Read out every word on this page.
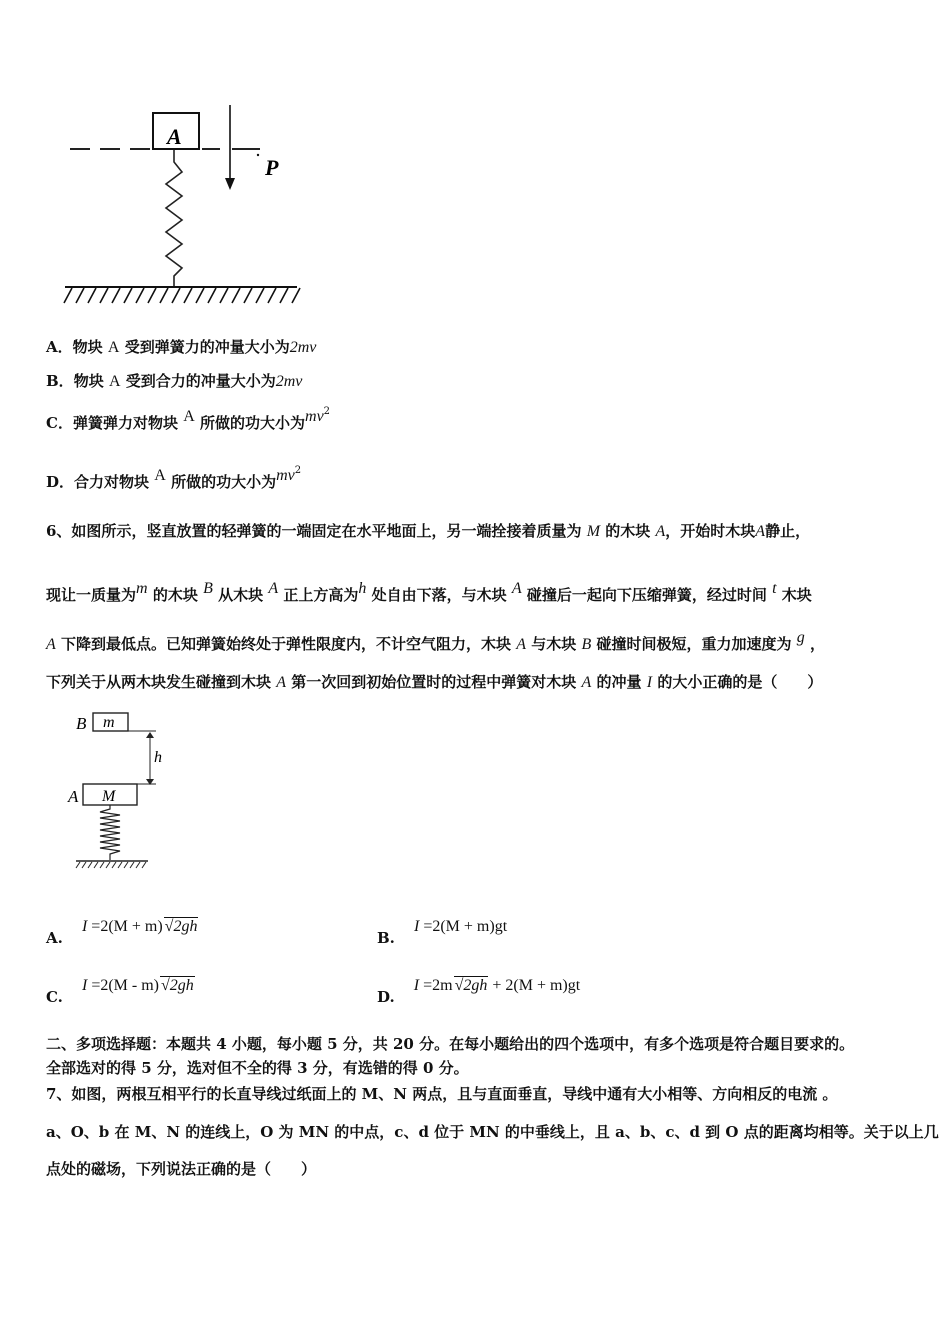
A
P
A．物块 A 受到弹簧力的冲量大小为2mv
B．物块 A 受到合力的冲量大小为2mv
C．弹簧弹力对物块 A 所做的功大小为$mv^2$
D．合力对物块 A 所做的功大小为$mv^2$
6、如图所示，竖直放置的轻弹簧的一端固定在水平地面上，另一端拴接着质量为 M 的木块 A，开始时木块A静止，
现让一质量为m 的木块 B 从木块 A 正上方高为h 处自由下落，与木块 A 碰撞后一起向下压缩弹簧，经过时间 t 木块
A 下降到最低点。已知弹簧始终处于弹性限度内，不计空气阻力，木块 A 与木块 B 碰撞时间极短，重力加速度为 g ，
下列关于从两木块发生碰撞到木块 A 第一次回到初始位置时的过程中弹簧对木块 A 的冲量 I 的大小正确的是（　　）
B m
h
A M
A. I =2(M + m) √2gh
B. I =2(M + m)gt
C. I =2(M - m) √2gh
D. I =2m √2gh + 2(M + m)gt
二、多项选择题：本题共 4 小题，每小题 5 分，共 20 分。在每小题给出的四个选项中，有多个选项是符合题目要求的。
全部选对的得 5 分，选对但不全的得 3 分，有选错的得 0 分。
7、如图，两根互相平行的长直导线过纸面上的 M、N 两点，且与直面垂直，导线中通有大小相等、方向相反的电流 。
a、O、b 在 M、N 的连线上，O 为 MN 的中点，c、d 位于 MN 的中垂线上，且 a、b、c、d 到 O 点的距离均相等。关于以上几
点处的磁场，下列说法正确的是（　　）
